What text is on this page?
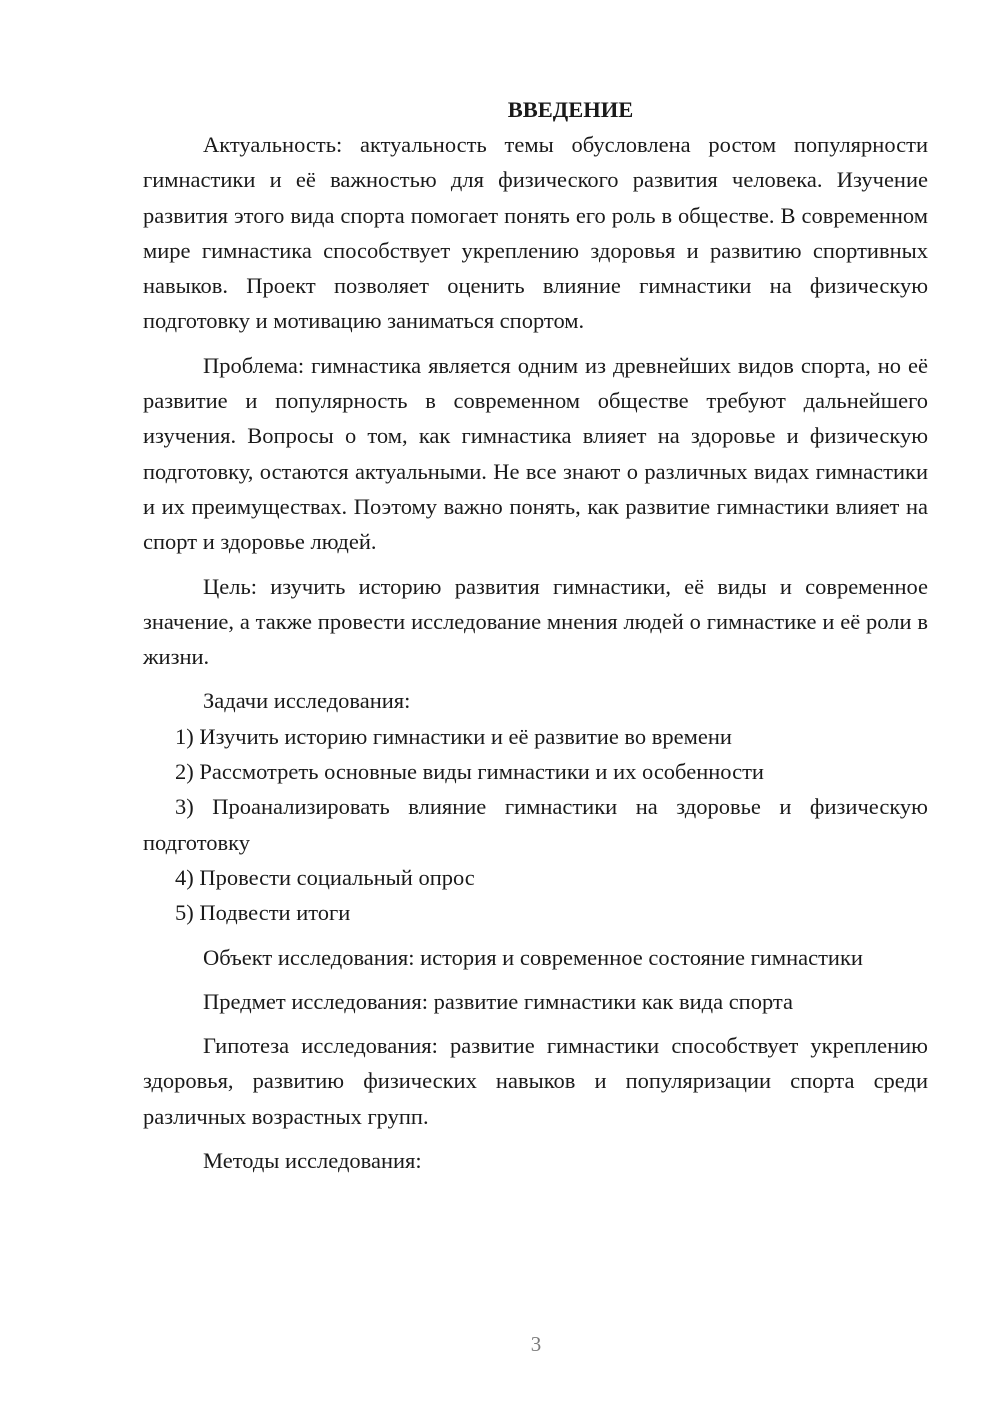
ВВЕДЕНИЕ

Актуальность: актуальность темы обусловлена ростом популярности гимнастики и её важностью для физического развития человека. Изучение развития этого вида спорта помогает понять его роль в обществе. В современном мире гимнастика способствует укреплению здоровья и развитию спортивных навыков. Проект позволяет оценить влияние гимнастики на физическую подготовку и мотивацию заниматься спортом.

Проблема: гимнастика является одним из древнейших видов спорта, но её развитие и популярность в современном обществе требуют дальнейшего изучения. Вопросы о том, как гимнастика влияет на здоровье и физическую подготовку, остаются актуальными. Не все знают о различных видах гимнастики и их преимуществах. Поэтому важно понять, как развитие гимнастики влияет на спорт и здоровье людей.

Цель: изучить историю развития гимнастики, её виды и современное значение, а также провести исследование мнения людей о гимнастике и её роли в жизни.

Задачи исследования:

1) Изучить историю гимнастики и её развитие во времени

2) Рассмотреть основные виды гимнастики и их особенности

3) Проанализировать влияние гимнастики на здоровье и физическую подготовку

4) Провести социальный опрос

5) Подвести итоги

Объект исследования: история и современное состояние гимнастики

Предмет исследования: развитие гимнастики как вида спорта

Гипотеза исследования: развитие гимнастики способствует укреплению здоровья, развитию физических навыков и популяризации спорта среди различных возрастных групп.

Методы исследования:

3
